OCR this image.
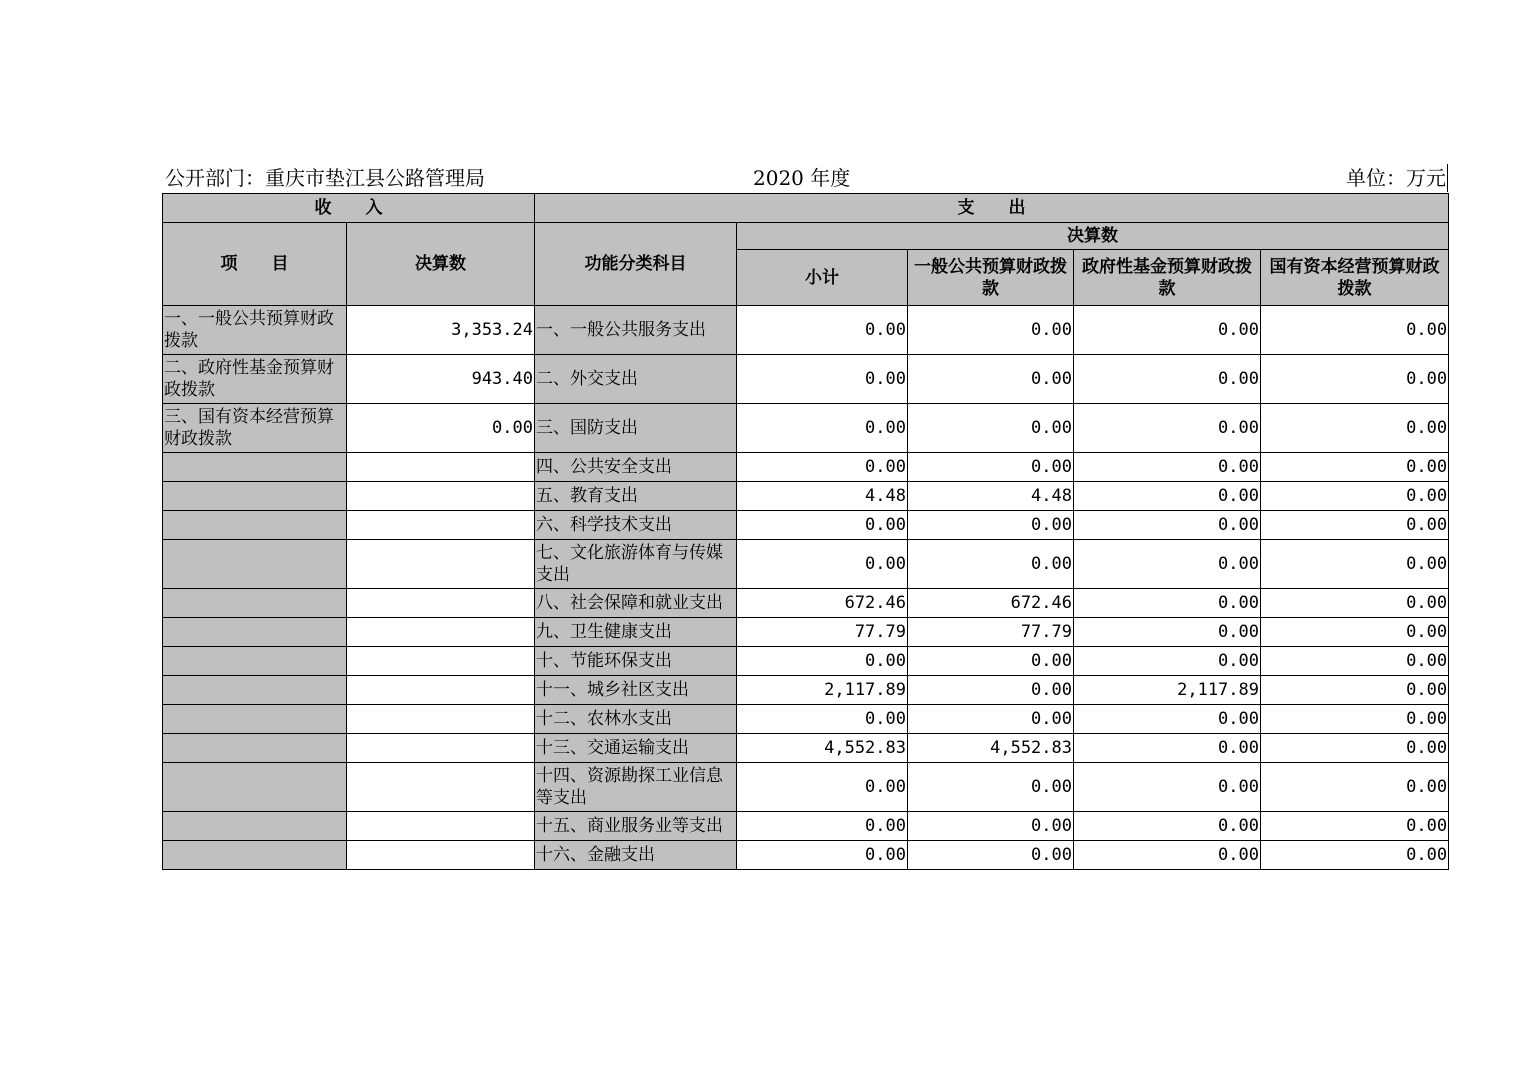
公开部门：重庆市垫江县公路管理局	2020 年度	单位：万元
收　　入		支　　出				
项　　目	决算数	功能分类科目	决算数			
			小计	一般公共预算财政拨款	政府性基金预算财政拨款	国有资本经营预算财政拨款
一、一般公共预算财政拨款	3,353.24	一、一般公共服务支出	0.00	0.00	0.00	0.00
二、政府性基金预算财政拨款	943.40	二、外交支出	0.00	0.00	0.00	0.00
三、国有资本经营预算财政拨款	0.00	三、国防支出	0.00	0.00	0.00	0.00
		四、公共安全支出	0.00	0.00	0.00	0.00
		五、教育支出	4.48	4.48	0.00	0.00
		六、科学技术支出	0.00	0.00	0.00	0.00
		七、文化旅游体育与传媒支出	0.00	0.00	0.00	0.00
		八、社会保障和就业支出	672.46	672.46	0.00	0.00
		九、卫生健康支出	77.79	77.79	0.00	0.00
		十、节能环保支出	0.00	0.00	0.00	0.00
		十一、城乡社区支出	2,117.89	0.00	2,117.89	0.00
		十二、农林水支出	0.00	0.00	0.00	0.00
		十三、交通运输支出	4,552.83	4,552.83	0.00	0.00
		十四、资源勘探工业信息等支出	0.00	0.00	0.00	0.00
		十五、商业服务业等支出	0.00	0.00	0.00	0.00
		十六、金融支出	0.00	0.00	0.00	0.00
